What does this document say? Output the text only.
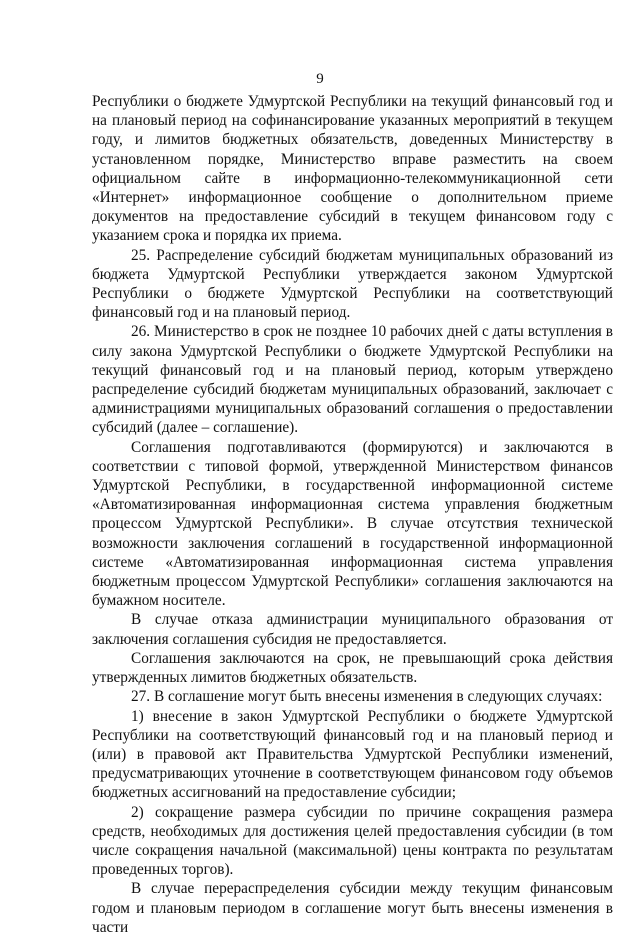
9

Республики о бюджете Удмуртской Республики на текущий финансовый год и на плановый период на софинансирование указанных мероприятий в текущем году, и лимитов бюджетных обязательств, доведенных Министерству в установленном порядке, Министерство вправе разместить на своем официальном сайте в информационно-телекоммуникационной сети «Интернет» информационное сообщение о дополнительном приеме документов на предоставление субсидий в текущем финансовом году с указанием срока и порядка их приема.

25. Распределение субсидий бюджетам муниципальных образований из бюджета Удмуртской Республики утверждается законом Удмуртской Республики о бюджете Удмуртской Республики на соответствующий финансовый год и на плановый период.

26. Министерство в срок не позднее 10 рабочих дней с даты вступления в силу закона Удмуртской Республики о бюджете Удмуртской Республики на текущий финансовый год и на плановый период, которым утверждено распределение субсидий бюджетам муниципальных образований, заключает с администрациями муниципальных образований соглашения о предоставлении субсидий (далее – соглашение).

Соглашения подготавливаются (формируются) и заключаются в соответствии с типовой формой, утвержденной Министерством финансов Удмуртской Республики, в государственной информационной системе «Автоматизированная информационная система управления бюджетным процессом Удмуртской Республики». В случае отсутствия технической возможности заключения соглашений в государственной информационной системе «Автоматизированная информационная система управления бюджетным процессом Удмуртской Республики» соглашения заключаются на бумажном носителе.

В случае отказа администрации муниципального образования от заключения соглашения субсидия не предоставляется.

Соглашения заключаются на срок, не превышающий срока действия утвержденных лимитов бюджетных обязательств.

27. В соглашение могут быть внесены изменения в следующих случаях:

1) внесение в закон Удмуртской Республики о бюджете Удмуртской Республики на соответствующий финансовый год и на плановый период и (или) в правовой акт Правительства Удмуртской Республики изменений, предусматривающих уточнение в соответствующем финансовом году объемов бюджетных ассигнований на предоставление субсидии;

2) сокращение размера субсидии по причине сокращения размера средств, необходимых для достижения целей предоставления субсидии (в том числе сокращения начальной (максимальной) цены контракта по результатам проведенных торгов).

В случае перераспределения субсидии между текущим финансовым годом и плановым периодом в соглашение могут быть внесены изменения в части
